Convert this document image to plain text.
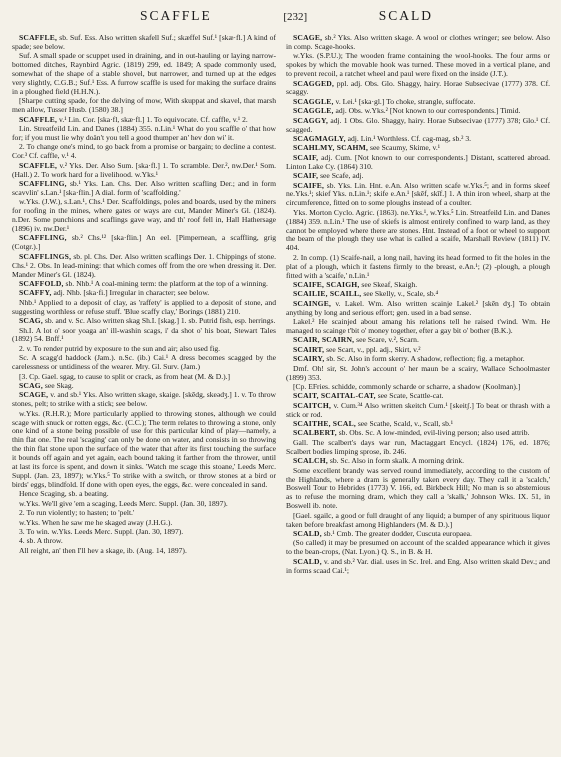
SCAFFLE	[232]	SCALD

SCAFFLE, sb. Suf. Ess. Also written skafell Suf.; skæffel Suf.¹ [skæ·fl.] A kind of spade; see below.

Suf. A small spade or scuppet used in draining, and in out-hauling or laying narrow-bottomed ditches, Raynbird Agric. (1819) 299, ed. 1849; A spade commonly used, somewhat of the shape of a stable shovel, but narrower, and turned up at the edges very slightly, C.G.B.; Suf.¹ Ess. A furrow scaffle is used for making the surface drains in a ploughed field (H.H.N.).

[Sharpe cutting spade, for the delving of mow, With skuppat and skavel, that marsh men allow, Tusser Husb. (1580) 38.]

SCAFFLE, v.¹ Lin. Cor. [ska·fl, skæ·fl.] 1. To equivocate. Cf. caffle, v.¹ 2.

Lin. Streatfeild Lin. and Danes (1884) 355. n.Lin.¹ What do you scaffle o' that how for; if you must lie why doän't you tell a good thumper an' hev don wi' it.

2. To change one's mind, to go back from a promise or bargain; to decline a contest. Cor.³ Cf. caffle, v.¹ 4.

SCAFFLE, v.² Yks. Der. Also Sum. [ska·fl.] 1. To scramble. Der.², nw.Der.¹ Som. (Hall.) 2. To work hard for a livelihood. w.Yks.¹

SCAFFLING, sb.¹ Yks. Lan. Chs. Der. Also written scafling Der.; and in form scavvlin' s.Lan.¹ [ska·flin.] A dial. form of 'scaffolding.'

w.Yks. (J.W.), s.Lan.¹, Chs.¹ Der. Scaffoldings, poles and boards, used by the miners for roofing in the mines, where gates or ways are cut, Mander Miner's Gl. (1824). n.Der. Some punchions and scaflings gave way, and th' roof fell in, Hall Hathersage (1896) iv. nw.Der.¹

SCAFFLING, sb.² Chs.¹² [ska·flin.] An eel. [Pimpernean, a scaffling, grig (Cotgr.).]

SCAFFLINGS, sb. pl. Chs. Der. Also written scaflings Der. 1. Chippings of stone. Chs.¹ 2. Obs. In lead-mining: that which comes off from the ore when dressing it. Der. Mander Miner's Gl. (1824).

SCAFFOLD, sb. Nhb.¹ A coal-mining term: the platform at the top of a winning.

SCAFFY, adj. Nhb. [ska·fi.] Irregular in character; see below.

Nhb.¹ Applied to a deposit of clay, as 'raffety' is applied to a deposit of stone, and suggesting worthless or refuse stuff. 'Blue scaffy clay,' Borings (1881) 210.

SCAG, sb. and v. Sc. Also written skag Sh.I. [skag.] 1. sb. Putrid fish, esp. herrings.

Sh.I. A lot o' soor yoaga an' ill-washin scags, i' da shot o' his boat, Stewart Tales (1892) 54. Bnff.¹

2. v. To render putrid by exposure to the sun and air; also used fig.

Sc. A scagg'd haddock (Jam.). n.Sc. (ib.) Cai.¹ A dress becomes scagged by the carelessness or untidiness of the wearer. Mry. Gl. Surv. (Jam.)

[3. Cp. Gael. sgag, to cause to split or crack, as from heat (M. & D.).]

SCAG, see Skag.

SCAGE, v. and sb.¹ Yks. Also written skage, skaige. [skēdg, skeədʒ.] 1. v. To throw stones, pelt; to strike with a stick; see below.

w.Yks. (R.H.R.); More particularly applied to throwing stones, although we could scage with snuck or rotten eggs, &c. (C.C.); The term relates to throwing a stone, only one kind of a stone being possible of use for this particular kind of play—namely, a thin flat one. The real 'scaging' can only be done on water, and consists in so throwing the thin flat stone upon the surface of the water that after its first touching the surface it bounds off again and yet again, each bound taking it farther from the thrower, until at last its force is spent, and down it sinks. 'Watch me scage this stoane,' Leeds Merc. Suppl. (Jan. 23, 1897); w.Yks.⁵ To strike with a switch, or throw stones at a bird or birds' eggs, blindfold. If done with open eyes, the eggs, &c. were concealed in sand.

Hence Scaging, sb. a beating.

w.Yks. We'll give 'em a scaging, Leeds Merc. Suppl. (Jan. 30, 1897).

2. To run violently; to hasten; to 'pelt.'

w.Yks. When he saw me he skaged away (J.H.G.).

3. To win. w.Yks. Leeds Merc. Suppl. (Jan. 30, 1897).

4. sb. A throw.

All reight, an' then I'll hev a skage, ib. (Aug. 14, 1897).

SCAGE, sb.² Yks. Also written skage. A wool or clothes wringer; see below. Also in comp. Scage-hooks.

w.Yks. (S.P.U.); The wooden frame containing the wool-hooks. The four arms or spokes by which the movable hook was turned. These moved in a vertical plane, and to prevent recoil, a ratchet wheel and paul were fixed on the inside (J.T.).

SCAGGED, ppl. adj. Obs. Glo. Shaggy, hairy. Horae Subsecivae (1777) 378. Cf. scaggy.

SCAGGLE, v. Lei.¹ [ska·gl.] To choke, strangle, suffocate.

SCAGGLE, adj. Obs. w.Yks.² [Not known to our correspondents.] Timid.

SCAGGY, adj. 1 Obs. Glo. Shaggy, hairy. Horae Subsecivae (1777) 378; Glo.¹ Cf. scagged.

SCAGMAGLY, adj. Lin.¹ Worthless. Cf. cag-mag, sb.² 3.

SCAHLMY, SCAHM, see Scaumy, Skime, v.¹

SCAIF, adj. Cum. [Not known to our correspondents.] Distant, scattered abroad. Linton Lake Cy. (1864) 310.

SCAIF, see Scafe, adj.

SCAIFE, sb. Yks. Lin. Hnt. e.An. Also written scafe w.Yks.⁵; and in forms skeef ne.Yks.¹; skief Yks. n.Lin.¹; skife e.An.¹ [skēf, skīf.] 1. A thin iron wheel, sharp at the circumference, fitted on to some ploughs instead of a coulter.

Yks. Morton Cyclo. Agric. (1863). ne.Yks.¹, w.Yks.⁵ Lin. Streatfeild Lin. and Danes (1884) 359. n.Lin.¹ The use of skiefs is almost entirely confined to warp land, as they cannot be employed where there are stones. Hnt. Instead of a foot or wheel to support the beam of the plough they use what is called a scaife, Marshall Review (1811) IV. 404.

2. In comp. (1) Scaife-nail, a long nail, having its head formed to fit the holes in the plat of a plough, which it fastens firmly to the breast, e.An.¹; (2) -plough, a plough fitted with a 'scaife,' n.Lin.¹

SCAIFE, SCAIGH, see Skeaf, Skaigh.

SCAILIE, SCAILL, see Skelly, v., Scale, sb.⁴

SCAINGE, v. Lakel. Wm. Also written scainje Lakel.² [skēn dʒ.] To obtain anything by long and serious effort; gen. used in a bad sense.

Lakel.² He scainjed about amang his relations tell he raised t'wind. Wm. He managed to scainge t'bit o' money together, efter a gay bit o' bother (B.K.).

SCAIR, SCAIRN, see Scare, v.², Scarn.

SCAIRT, see Scart, v., ppl. adj., Skirt, v.²

SCAIRY, sb. Sc. Also in form skerry. A shadow, reflection; fig. a metaphor.

Dmf. Oh! sir, St. John's account o' her maun be a scairy, Wallace Schoolmaster (1899) 353.

[Cp. EFries. schidde, commonly scharde or scharre, a shadow (Koolman).]

SCAIT, SCAITAL-CAT, see Scate, Scattle-cat.

SCAITCH, v. Cum.³⁴ Also written skeitch Cum.¹ [skeitʃ.] To beat or thrash with a stick or rod.

SCAITHE, SCAL, see Scathe, Scald, v., Scall, sb.¹

SCALBERT, sb. Obs. Sc. A low-minded, evil-living person; also used attrib.

Gall. The scalbert's days war run, Mactaggart Encycl. (1824) 176, ed. 1876; Scalbert bodies limping sprose, ib. 246.

SCALCH, sb. Sc. Also in form skalk. A morning drink.

Some excellent brandy was served round immediately, according to the custom of the Highlands, where a dram is generally taken every day. They call it a 'scalch,' Boswell Tour to Hebrides (1773) V. 166, ed. Birkbeck Hill; No man is so abstemious as to refuse the morning dram, which they call a 'skalk,' Johnson Wks. IX. 51, in Boswell ib. note.

[Gael. sgailc, a good or full draught of any liquid; a bumper of any spirituous liquor taken before breakfast among Highlanders (M. & D.).]

SCALD, sb.¹ Cmb. The greater dodder, Cuscuta europaea.

(So called) it may be presumed on account of the scalded appearance which it gives to the bean-crops, (Nat. Lyon.) Q. S., in B. & H.

SCALD, v. and sb.² Var. dial. uses in Sc. Irel. and Eng. Also written skald Dev.; and in forms scaad Cai.¹;
